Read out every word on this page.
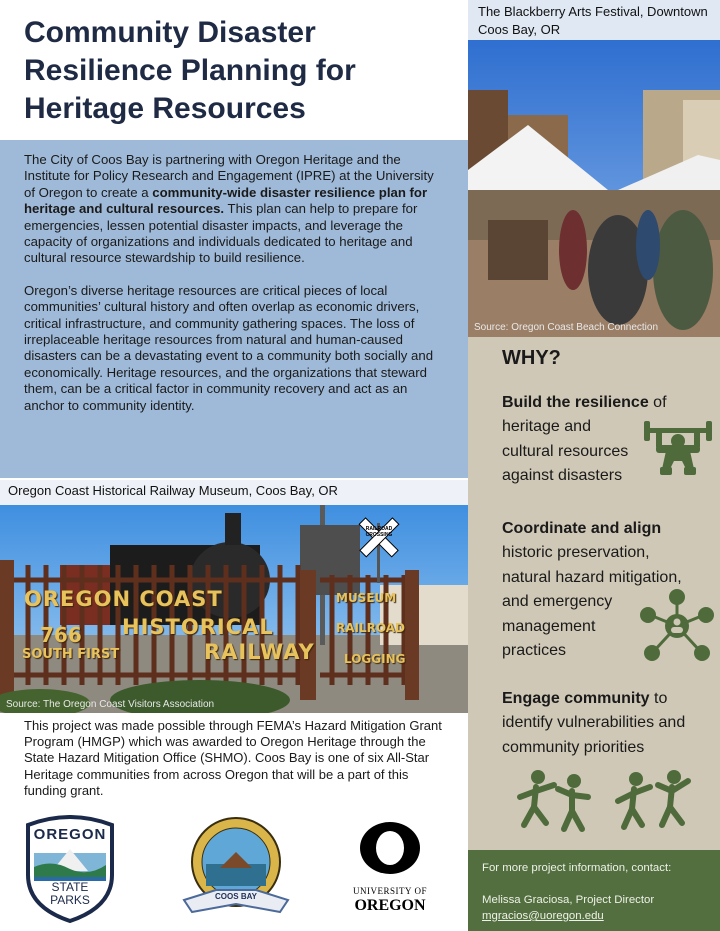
Community Disaster
Resilience Planning for
Heritage Resources

The City of Coos Bay is partnering with Oregon Heritage and the Institute for Policy Research and Engagement (IPRE) at the University of Oregon to create a community-wide disaster resilience plan for heritage and cultural resources. This plan can help to prepare for emergencies, lessen potential disaster impacts, and leverage the capacity of organizations and individuals dedicated to heritage and cultural resource stewardship to build resilience.

Oregon’s diverse heritage resources are critical pieces of local communities’ cultural history and often overlap as economic drivers, critical infrastructure, and community gathering spaces. The loss of irreplaceable heritage resources from natural and human-caused disasters can be a devastating event to a community both socially and economically. Heritage resources, and the organizations that steward them, can be a critical factor in community recovery and act as an anchor to community identity.

The Blackberry Arts Festival, Downtown Coos Bay, OR
Source: Oregon Coast Beach Connection
WHY?
Build the resilience of
heritage and
cultural resources
against disasters
Coordinate and align
historic preservation,
natural hazard mitigation,
and emergency
management
practices
Engage community to
identify vulnerabilities and
community priorities
For more project information, contact:
Melissa Graciosa, Project Director
mgracios@uoregon.edu
Oregon Coast Historical Railway Museum, Coos Bay, OR
OREGON COAST
HISTORICAL
RAILWAY
766
SOUTH FIRST
MUSEUM
RAILROAD
LOGGING
RAILROAD CROSSING
Source: The Oregon Coast Visitors Association
This project was made possible through FEMA’s Hazard Mitigation Grant Program (HMGP) which was awarded to Oregon Heritage through the State Hazard Mitigation Office (SHMO). Coos Bay is one of six All-Star Heritage communities from across Oregon that will be a part of this funding grant.
OREGON
STATE
PARKS	COOS BAY
UNIVERSITY OF
OREGON
